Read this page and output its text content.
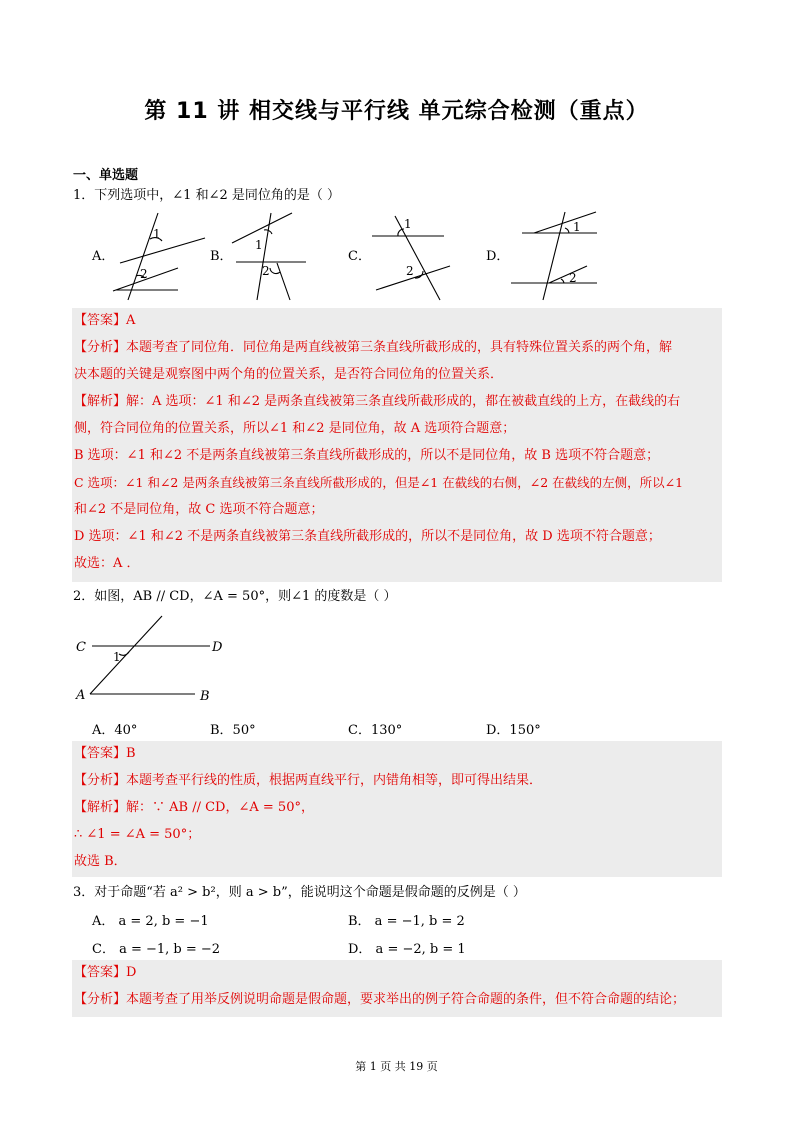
第 11 讲 相交线与平行线 单元综合检测（重点）
一、单选题
1．下列选项中，∠1 和∠2 是同位角的是（ ）
A．
1
2
B．
1
2
C．
1
2
D．
1
2
【答案】A
【分析】本题考查了同位角．同位角是两直线被第三条直线所截形成的，具有特殊位置关系的两个角，解
决本题的关键是观察图中两个角的位置关系，是否符合同位角的位置关系．
【解析】解：A 选项：∠1 和∠2 是两条直线被第三条直线所截形成的，都在被截直线的上方，在截线的右
侧，符合同位角的位置关系，所以∠1 和∠2 是同位角，故 A 选项符合题意；
B 选项：∠1 和∠2 不是两条直线被第三条直线所截形成的，所以不是同位角，故 B 选项不符合题意；
C 选项：∠1 和∠2 是两条直线被第三条直线所截形成的，但是∠1 在截线的右侧，∠2 在截线的左侧，所以∠1
和∠2 不是同位角，故 C 选项不符合题意；
D 选项：∠1 和∠2 不是两条直线被第三条直线所截形成的，所以不是同位角，故 D 选项不符合题意；
故选：A ．
2．如图，AB // CD，∠A = 50°，则∠1 的度数是（ ）
C	D
A	B
1
A．40°	B．50°	C．130°	D．150°
【答案】B
【分析】本题考查平行线的性质，根据两直线平行，内错角相等，即可得出结果．
【解析】解：∵ AB // CD，∠A = 50°，
∴ ∠1 = ∠A = 50°；
故选 B．
3．对于命题“若 a² > b²，则 a > b”，能说明这个命题是假命题的反例是（ ）
A． a = 2, b = −1	B． a = −1, b = 2
C． a = −1, b = −2	D． a = −2, b = 1
【答案】D
【分析】本题考查了用举反例说明命题是假命题，要求举出的例子符合命题的条件，但不符合命题的结论；
第 1 页 共 19 页
